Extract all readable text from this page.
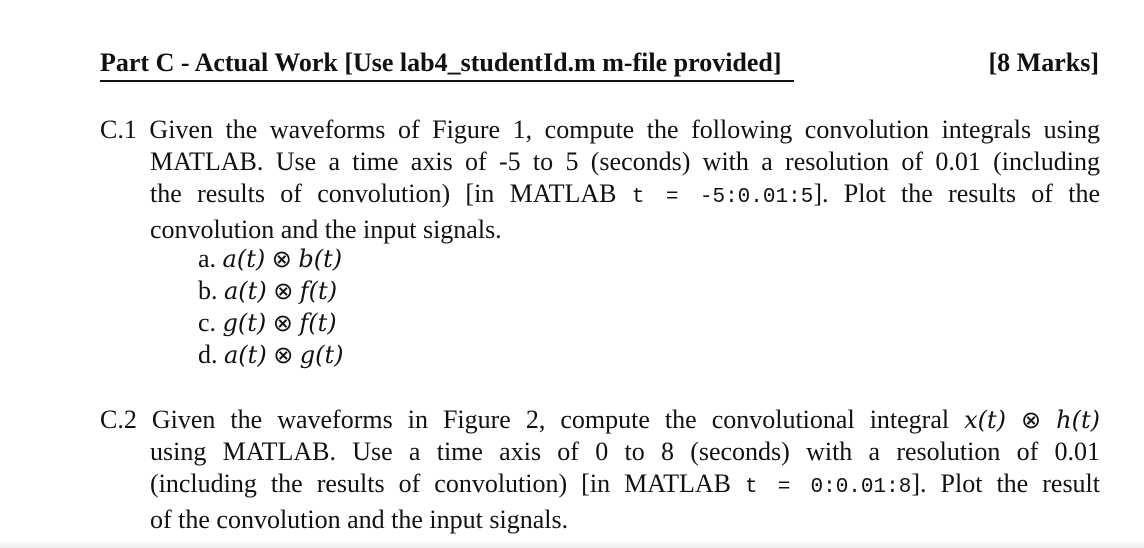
Part C - Actual Work [Use lab4_studentId.m m-file provided]	[8 Marks]
C.1 Given the waveforms of Figure 1, compute the following convolution integrals using
MATLAB. Use a time axis of -5 to 5 (seconds) with a resolution of 0.01 (including
the results of convolution) [in MATLAB t = -5:0.01:5]. Plot the results of the
convolution and the input signals.
a. a(t) ⊗ b(t)
b. a(t) ⊗ f(t)
c. g(t) ⊗ f(t)
d. a(t) ⊗ g(t)
C.2 Given the waveforms in Figure 2, compute the convolutional integral x(t) ⊗ h(t)
using MATLAB. Use a time axis of 0 to 8 (seconds) with a resolution of 0.01
(including the results of convolution) [in MATLAB t = 0:0.01:8]. Plot the result
of the convolution and the input signals.
